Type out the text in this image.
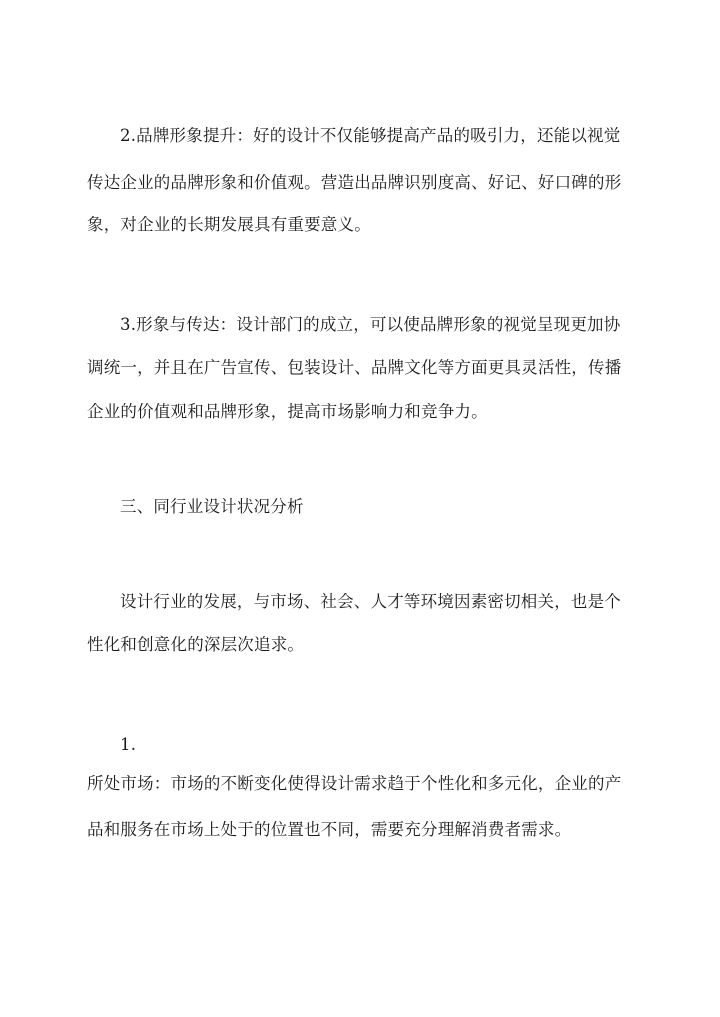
2.品牌形象提升：好的设计不仅能够提高产品的吸引力，还能以视觉
传达企业的品牌形象和价值观。营造出品牌识别度高、好记、好口碑的形
象，对企业的长期发展具有重要意义。
3.形象与传达：设计部门的成立，可以使品牌形象的视觉呈现更加协
调统一，并且在广告宣传、包装设计、品牌文化等方面更具灵活性，传播
企业的价值观和品牌形象，提高市场影响力和竞争力。
三、同行业设计状况分析
设计行业的发展，与市场、社会、人才等环境因素密切相关，也是个
性化和创意化的深层次追求。
1.
所处市场：市场的不断变化使得设计需求趋于个性化和多元化，企业的产
品和服务在市场上处于的位置也不同，需要充分理解消费者需求。
